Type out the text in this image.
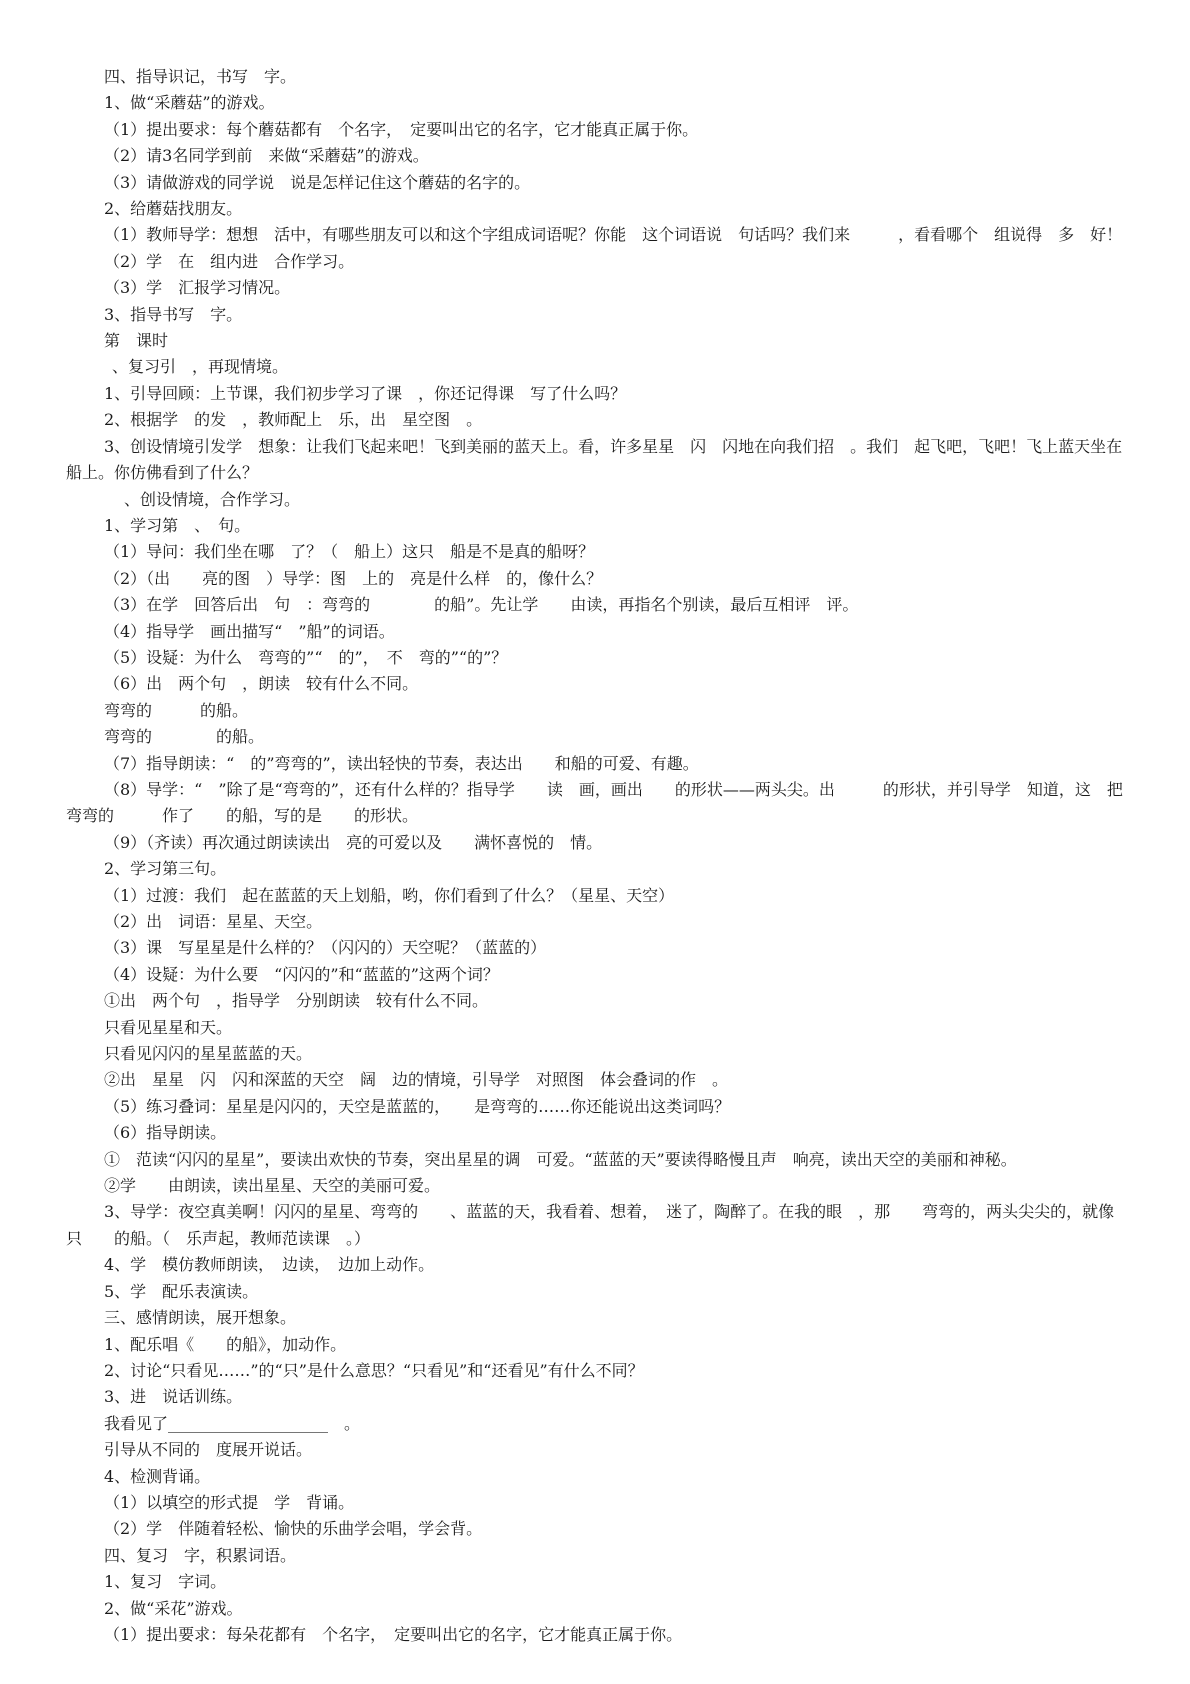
四、指导识记，书写　字。
1、做“采蘑菇”的游戏。
（1）提出要求：每个蘑菇都有　个名字，　定要叫出它的名字，它才能真正属于你。
（2）请3名同学到前　来做“采蘑菇”的游戏。
（3）请做游戏的同学说　说是怎样记住这个蘑菇的名字的。
2、给蘑菇找朋友。
（1）教师导学：想想　活中，有哪些朋友可以和这个字组成词语呢？你能　这个词语说　句话吗？我们来　　　，看看哪个　组说得　多　好！
（2）学　在　组内进　合作学习。
（3）学　汇报学习情况。
3、指导书写　字。
第　课时
、复习引　，再现情境。
1、引导回顾：上节课，我们初步学习了课　，你还记得课　写了什么吗？
2、根据学　的发　，教师配上　乐，出　星空图　。
3、创设情境引发学　想象：让我们飞起来吧！飞到美丽的蓝天上。看，许多星星　闪　闪地在向我们招　。我们　起飞吧，飞吧！飞上蓝天坐在　船上。你仿佛看到了什么？
、创设情境，合作学习。
1、学习第　、　句。
（1）导问：我们坐在哪　了？（　船上）这只　船是不是真的船呀？
（2）（出　　亮的图　）导学：图　上的　亮是什么样　的，像什么？
（3）在学　回答后出　句　：弯弯的　　　　的船”。先让学　　由读，再指名个别读，最后互相评　评。
（4）指导学　画出描写“　”船”的词语。
（5）设疑：为什么　弯弯的”“　的”，　不　弯的”“的”？
（6）出　两个句　，朗读　较有什么不同。
弯弯的　　　的船。
弯弯的　　　　的船。
（7）指导朗读：“　的”弯弯的”，读出轻快的节奏，表达出　　和船的可爱、有趣。
（8）导学：“　”除了是“弯弯的”，还有什么样的？指导学　　读　画，画出　　的形状——两头尖。出　　　的形状，并引导学　知道，这　把弯弯的　　　作了　　的船，写的是　　的形状。
（9）（齐读）再次通过朗读读出　亮的可爱以及　　满怀喜悦的　情。
2、学习第三句。
（1）过渡：我们　起在蓝蓝的天上划船，哟，你们看到了什么？（星星、天空）
（2）出　词语：星星、天空。
（3）课　写星星是什么样的？（闪闪的）天空呢？（蓝蓝的）
（4）设疑：为什么要　“闪闪的”和“蓝蓝的”这两个词？
①出　两个句　，指导学　分别朗读　较有什么不同。
只看见星星和天。
只看见闪闪的星星蓝蓝的天。
②出　星星　闪　闪和深蓝的天空　阔　边的情境，引导学　对照图　体会叠词的作　。
（5）练习叠词：星星是闪闪的，天空是蓝蓝的，　　是弯弯的……你还能说出这类词吗？
（6）指导朗读。
①　范读“闪闪的星星”，要读出欢快的节奏，突出星星的调　可爱。“蓝蓝的天”要读得略慢且声　响亮，读出天空的美丽和神秘。
②学　　由朗读，读出星星、天空的美丽可爱。
3、导学：夜空真美啊！闪闪的星星、弯弯的　　、蓝蓝的天，我看着、想着，　迷了，陶醉了。在我的眼　，那　　弯弯的，两头尖尖的，就像　只　　的船。（　乐声起，教师范读课　。）
4、学　模仿教师朗读，　边读，　边加上动作。
5、学　配乐表演读。
三、感情朗读，展开想象。
1、配乐唱《　　的船》，加动作。
2、讨论“只看见……”的“只”是什么意思？“只看见”和“还看见”有什么不同？
3、进　说话训练。
我看见了____________________　。
引导从不同的　度展开说话。
4、检测背诵。
（1）以填空的形式提　学　背诵。
（2）学　伴随着轻松、愉快的乐曲学会唱，学会背。
四、复习　字，积累词语。
1、复习　字词。
2、做“采花”游戏。
（1）提出要求：每朵花都有　个名字，　定要叫出它的名字，它才能真正属于你。
